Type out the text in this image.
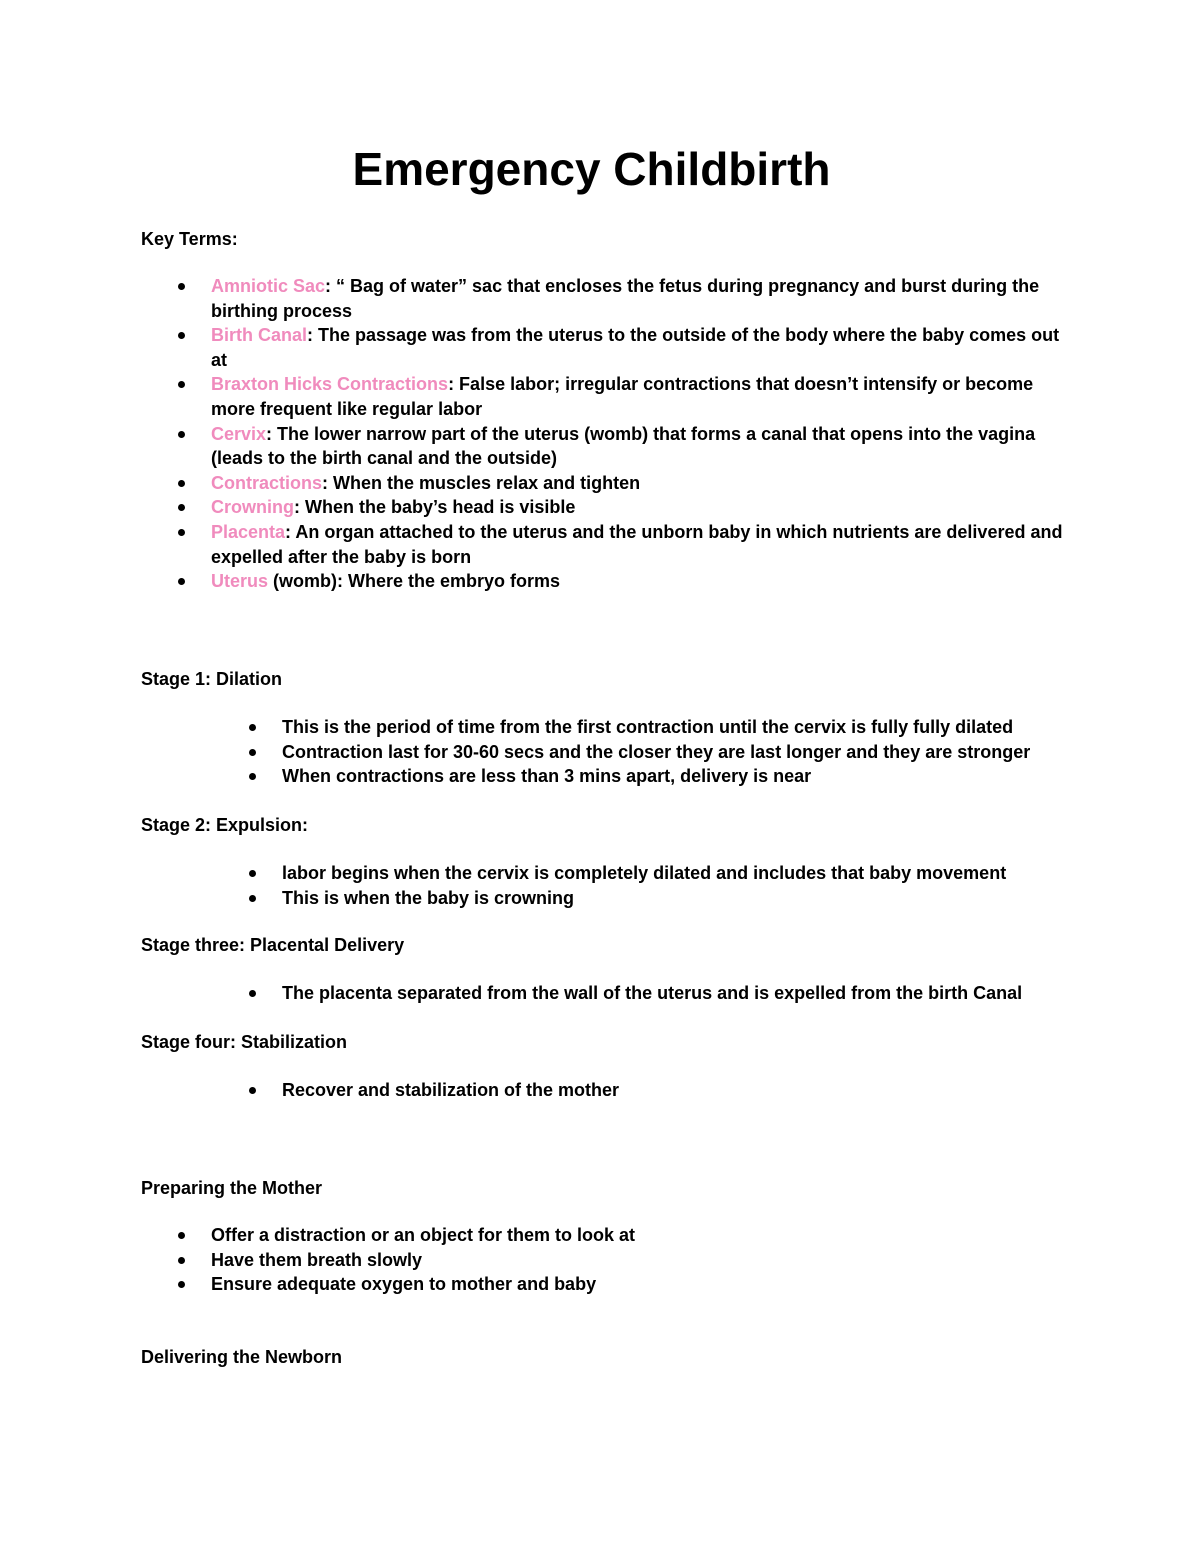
Emergency Childbirth
Key Terms:
Amniotic Sac: “ Bag of water” sac that encloses the fetus during pregnancy and burst during the birthing process
Birth Canal: The passage was from the uterus to the outside of the body where the baby comes out at
Braxton Hicks Contractions: False labor; irregular contractions that doesn’t intensify or become more frequent like regular labor
Cervix: The lower narrow part of the uterus (womb) that forms a canal that opens into the vagina (leads to the birth canal and the outside)
Contractions: When the muscles relax and tighten
Crowning: When the baby’s head is visible
Placenta: An organ attached to the uterus and the unborn baby in which nutrients are delivered and expelled after the baby is born
Uterus (womb): Where the embryo forms
Stage 1: Dilation
This is the period of time from the first contraction until the cervix is fully fully dilated
Contraction last for 30-60 secs and the closer they are last longer and they are stronger
When contractions are less than 3 mins apart, delivery is near
Stage 2: Expulsion:
labor begins when the cervix is completely dilated and includes that baby movement
This is when the baby is crowning
Stage three: Placental Delivery
The placenta separated from the wall of the uterus and is expelled from the birth Canal
Stage four: Stabilization
Recover and stabilization of the mother
Preparing the Mother
Offer a distraction or an object for them to look at
Have them breath slowly
Ensure adequate oxygen to mother and baby
Delivering the Newborn
